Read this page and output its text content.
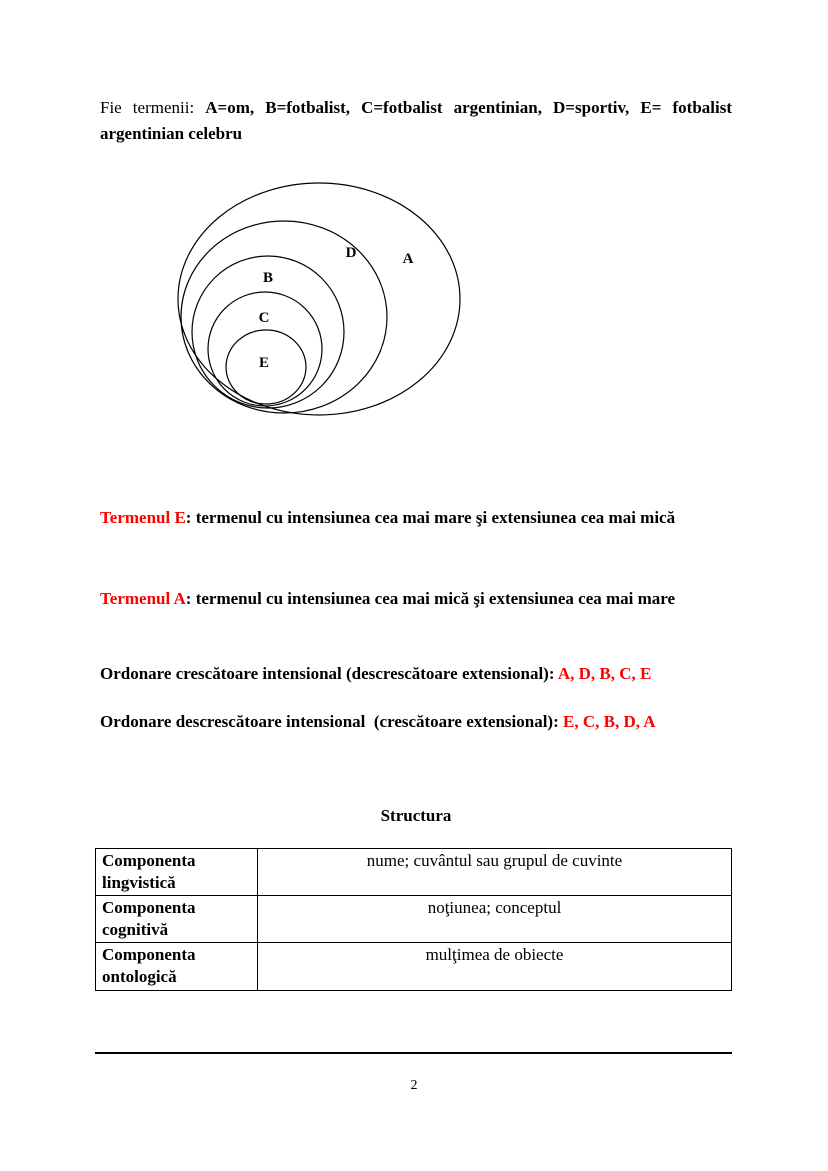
Fie termenii: A=om, B=fotbalist, C=fotbalist argentinian, D=sportiv, E= fotbalist argentinian celebru

D	A
B
C
E

Termenul E: termenul cu intensiunea cea mai mare şi extensiunea cea mai mică

Termenul A: termenul cu intensiunea cea mai mică şi extensiunea cea mai mare

Ordonare crescătoare intensional (descrescătoare extensional): A, D, B, C, E

Ordonare descrescătoare intensional  (crescătoare extensional): E, C, B, D, A

Structura
Componenta lingvistică	nume; cuvântul sau grupul de cuvinte
Componenta cognitivă	noţiunea; conceptul
Componenta ontologică	mulţimea de obiecte
2
